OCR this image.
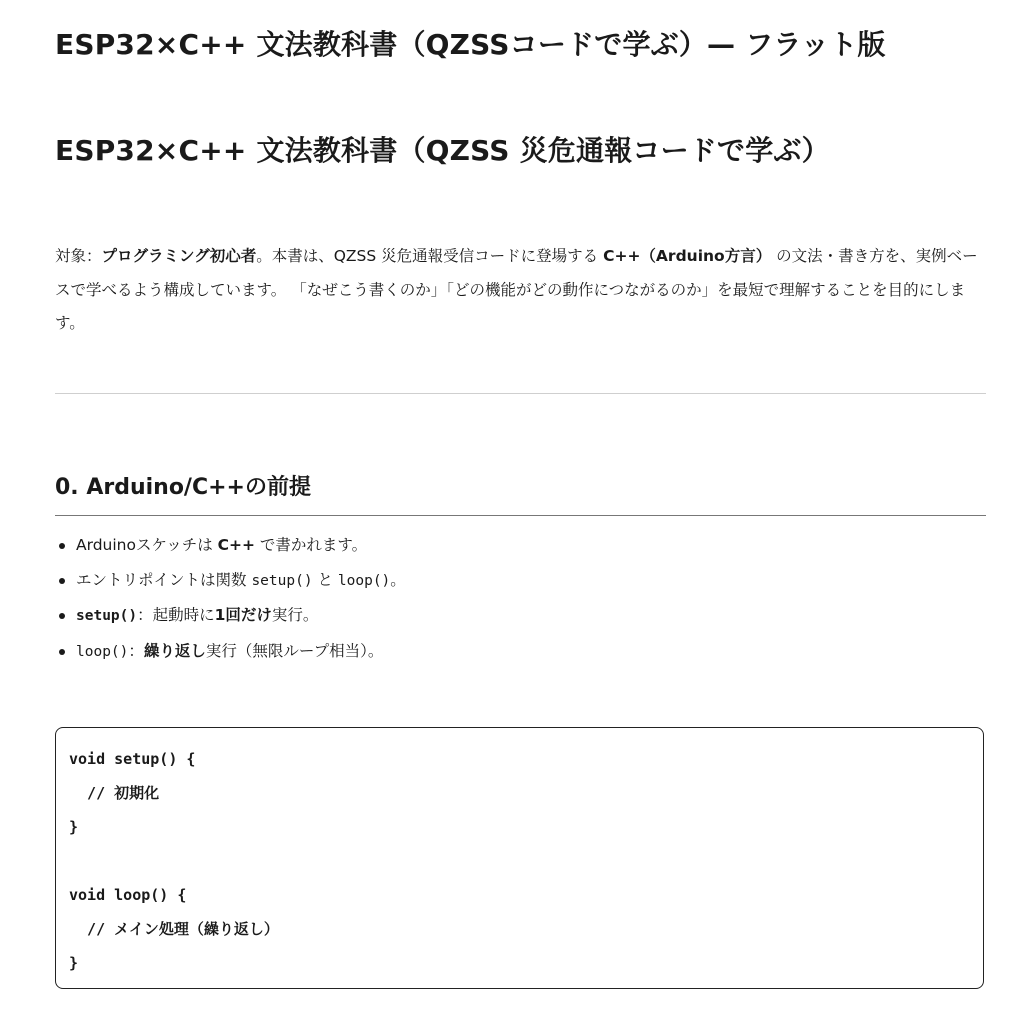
ESP32×C++ 文法教科書（QZSSコードで学ぶ）— フラット版
ESP32×C++ 文法教科書（QZSS 災危通報コードで学ぶ）

対象：プログラミング初心者。本書は、QZSS 災危通報受信コードに登場する C++（Arduino方言） の文法・書き方を、実例ベースで学べるよう構成しています。 「なぜこう書くのか」「どの機能がどの動作につながるのか」を最短で理解することを目的にします。

0. Arduino/C++の前提
Arduinoスケッチは C++ で書かれます。
エントリポイントは関数 setup() と loop()。
setup()：起動時に1回だけ実行。
loop()：繰り返し実行（無限ループ相当）。
void setup() {
// 初期化
}
void loop() {
// メイン処理（繰り返し）
}
